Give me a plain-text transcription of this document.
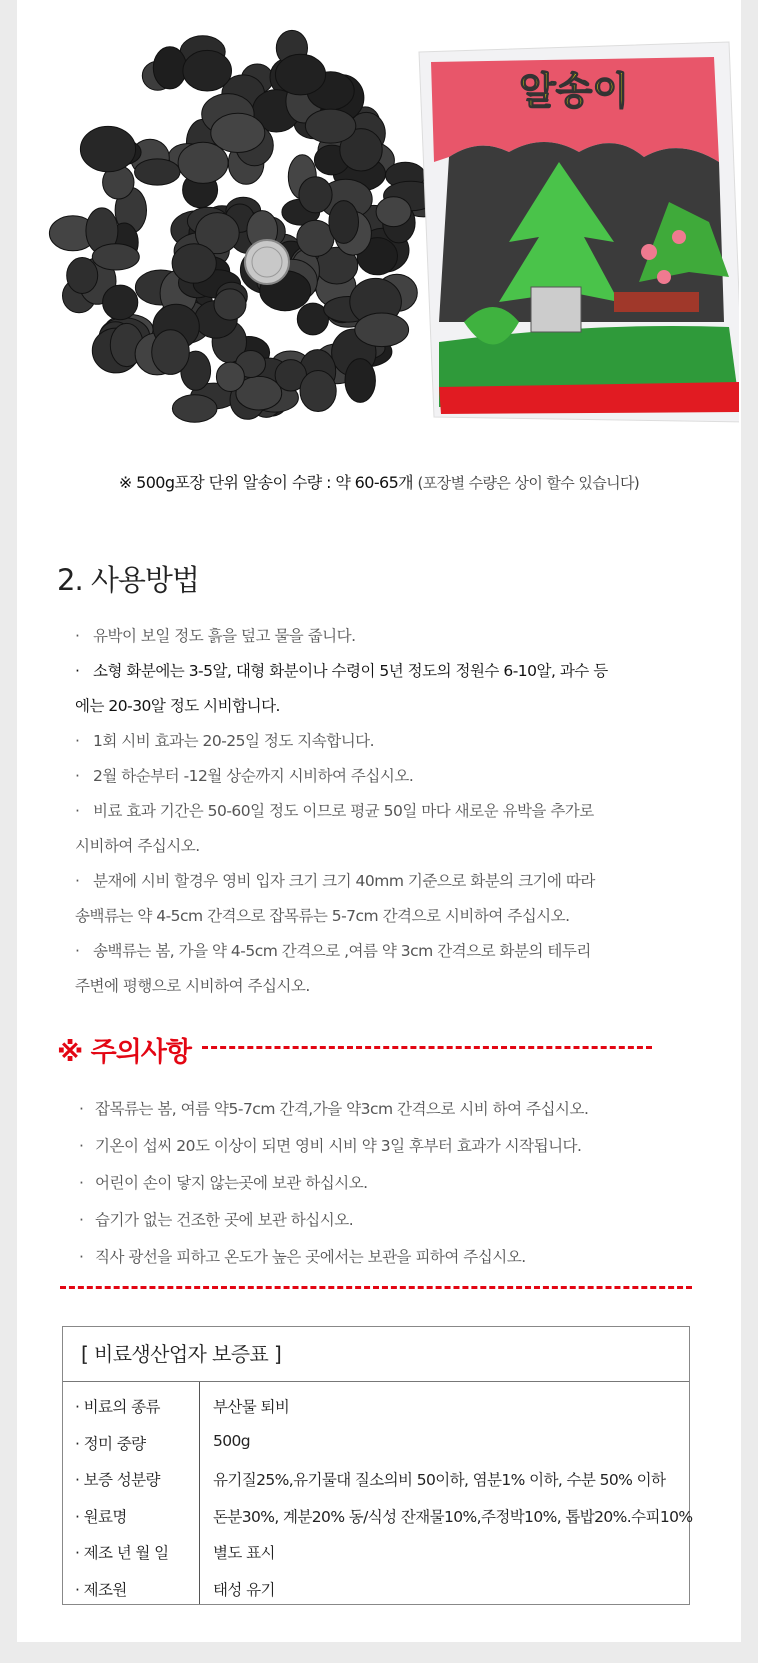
알송이
※ 500g포장 단위 알송이 수량 : 약 60-65개 (포장별 수량은 상이 할수 있습니다)
2. 사용방법
· 유박이 보일 정도 흙을 덮고 물을 줍니다.
· 소형 화분에는 3-5알, 대형 화분이나 수령이 5년 정도의 정원수 6-10알, 과수 등
에는 20-30알 정도 시비합니다.
· 1회 시비 효과는 20-25일 정도 지속합니다.
· 2월 하순부터 -12월 상순까지 시비하여 주십시오.
· 비료 효과 기간은 50-60일 정도 이므로 평균 50일 마다 새로운 유박을 추가로
시비하여 주십시오.
· 분재에 시비 할경우 영비 입자 크기 크기 40mm 기준으로 화분의 크기에 따라
송백류는 약 4-5cm 간격으로 잡목류는 5-7cm 간격으로 시비하여 주십시오.
· 송백류는 봄, 가을 약 4-5cm 간격으로 ,여름 약 3cm 간격으로 화분의 테두리
주변에 평행으로 시비하여 주십시오.
※ 주의사항
· 잡목류는 봄, 여름 약5-7cm 간격,가을 약3cm 간격으로 시비 하여 주십시오.
· 기온이 섭씨 20도 이상이 되면 영비 시비 약 3일 후부터 효과가 시작됩니다.
· 어린이 손이 닿지 않는곳에 보관 하십시오.
· 습기가 없는 건조한 곳에 보관 하십시오.
· 직사 광선을 피하고 온도가 높은 곳에서는 보관을 피하여 주십시오.
[ 비료생산업자 보증표 ]
· 비료의 종류	부산물 퇴비
· 정미 중량	500g
· 보증 성분량	유기질25%,유기물대 질소의비 50이하, 염분1% 이하, 수분 50% 이하
· 원료명	돈분30%, 계분20% 동/식성 잔재물10%,주정박10%, 톱밥20%.수피10%
· 제조 년 월 일	별도 표시
· 제조원	태성 유기
